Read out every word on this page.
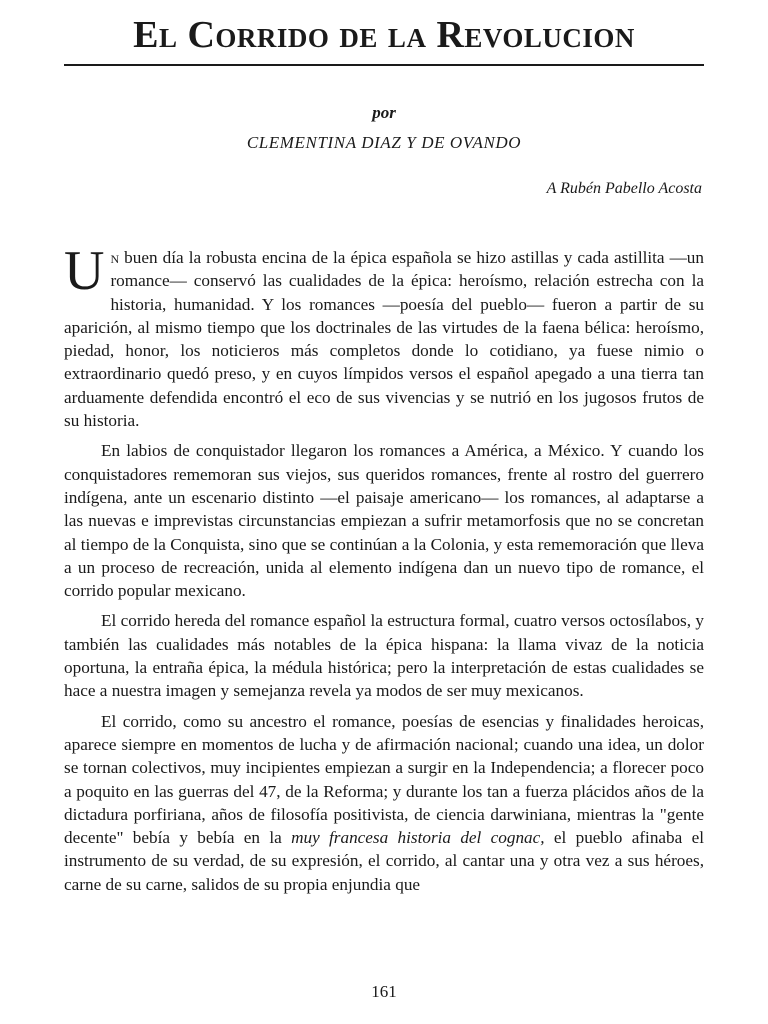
El Corrido de la Revolucion
por
CLEMENTINA DIAZ Y DE OVANDO
A Rubén Pabello Acosta

Un buen día la robusta encina de la épica española se hizo astillas y cada astillita —un romance— conservó las cualidades de la épica: heroísmo, relación estrecha con la historia, humanidad. Y los romances —poesía del pueblo— fueron a partir de su aparición, al mismo tiempo que los doctrinales de las virtudes de la faena bélica: heroísmo, piedad, honor, los noticieros más completos donde lo cotidiano, ya fuese nimio o extraordinario quedó preso, y en cuyos límpidos versos el español apegado a una tierra tan arduamente defendida encontró el eco de sus vivencias y se nutrió en los jugosos frutos de su historia.

En labios de conquistador llegaron los romances a América, a México. Y cuando los conquistadores rememoran sus viejos, sus queridos romances, frente al rostro del guerrero indígena, ante un escenario distinto —el paisaje americano— los romances, al adaptarse a las nuevas e imprevistas circunstancias empiezan a sufrir metamorfosis que no se concretan al tiempo de la Conquista, sino que se continúan a la Colonia, y esta rememoración que lleva a un proceso de recreación, unida al elemento indígena dan un nuevo tipo de romance, el corrido popular mexicano.

El corrido hereda del romance español la estructura formal, cuatro versos octosílabos, y también las cualidades más notables de la épica hispana: la llama vivaz de la noticia oportuna, la entraña épica, la médula histórica; pero la interpretación de estas cualidades se hace a nuestra imagen y semejanza revela ya modos de ser muy mexicanos.

El corrido, como su ancestro el romance, poesías de esencias y finalidades heroicas, aparece siempre en momentos de lucha y de afirmación nacional; cuando una idea, un dolor se tornan colectivos, muy incipientes empiezan a surgir en la Independencia; a florecer poco a poquito en las guerras del 47, de la Reforma; y durante los tan a fuerza plácidos años de la dictadura porfiriana, años de filosofía positivista, de ciencia darwiniana, mientras la "gente decente" bebía y bebía en la muy francesa historia del cognac, el pueblo afinaba el instrumento de su verdad, de su expresión, el corrido, al cantar una y otra vez a sus héroes, carne de su carne, salidos de su propia enjundia que

161
